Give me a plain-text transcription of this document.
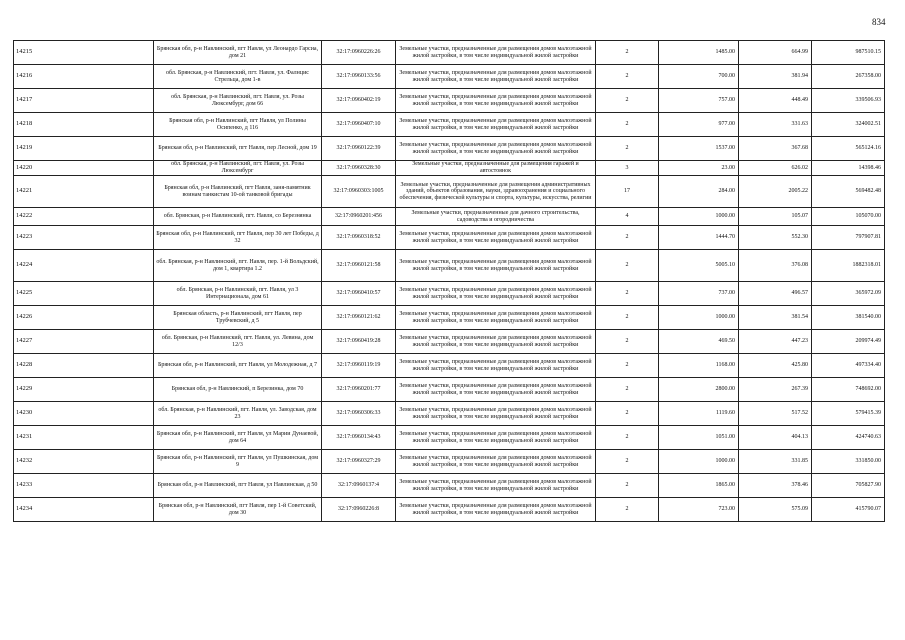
834
14215	Брянская обл, р-н Навлинский, пгт Навля, ул Леонардо Гарсиа, дом 21	32:17:0960226:26	Земельные участки, предназначенные для размещения домов малоэтажной жилой застройки, в том числе индивидуальной жилой застройки	2	1485.00	664.99	987510.15
14216	обл. Брянская, р-н Навлинский, пгт. Навля, ул. Фалнцис Стрельца, дом 1-в	32:17:0960133:56	Земельные участки, предназначенные для размещения домов малоэтажной жилой застройки, в том числе индивидуальной жилой застройки	2	700.00	381.94	267358.00
14217	обл. Брянская, р-н Навлинский, пгт. Навля, ул. Розы Люксембург, дом 66	32:17:0960402:19	Земельные участки, предназначенные для размещения домов малоэтажной жилой застройки, в том числе индивидуальной жилой застройки	2	757.00	448.49	339506.93
14218	Брянская обл, р-н Навлинский, пгт Навля, ул Полины Осипенко, д 116	32:17:0960407:10	Земельные участки, предназначенные для размещения домов малоэтажной жилой застройки, в том числе индивидуальной жилой застройки	2	977.00	331.63	324002.51
14219	Брянская обл, р-н Навлинский, пгт Навля, пер Лесной, дом 19	32:17:0960122:39	Земельные участки, предназначенные для размещения домов малоэтажной жилой застройки, в том числе индивидуальной жилой застройки	2	1537.00	367.68	565124.16
14220	обл. Брянская, р-н Навлинский, пгт. Навля, ул. Розы Люксембург	32:17:0960328:30	Земельные участки, предназначенные для размещения гаражей и автостоянок	3	23.00	626.02	14398.46
14221	Брянская обл, р-н Навлинский, пгт Навля, заня-памятник воинам танкистам 10-ой танковой бригады	32:17:0960303:1005	Земельные участки, предназначенные для размещения административных зданий, объектов образования, науки, здравоохранения и социального обеспечения, физической культуры и спорта, культуры, искусства, религии	17	284.00	2005.22	569482.48
14222	обл. Брянская, р-н Навлинский, пгт. Навля, сo Березнянка	32:17:0960201:456	Земельные участки, предназначенные для дачного строительства, садоводства и огородничества	4	1000.00	105.07	105070.00
14223	Брянская обл, р-н Навлинский, пгт Навля, пер 30 лет Победы, д 32	32:17:0960318:52	Земельные участки, предназначенные для размещения домов малоэтажной жилой застройки, в том числе индивидуальной жилой застройки	2	1444.70	552.30	797907.81
14224	обл. Брянская, р-н Навлинский, пгт. Навля, пер. 1-й Вольдский, дом 1, квартира 1.2	32:17:0960121:58	Земельные участки, предназначенные для размещения домов малоэтажной жилой застройки, в том числе индивидуальной жилой застройки	2	5005.10	376.08	1882318.01
14225	обл. Брянская, р-н Навлинский, пгт. Навля, ул 3 Интернационала, дом 61	32:17:0960410:57	Земельные участки, предназначенные для размещения домов малоэтажной жилой застройки, в том числе индивидуальной жилой застройки	2	737.00	496.57	365972.09
14226	Брянская область, р-н Навлинский, пгт Навля, пер Трубчевский, д 5	32:17:0960121:62	Земельные участки, предназначенные для размещения домов малоэтажной жилой застройки, в том числе индивидуальной жилой застройки	2	1000.00	381.54	381540.00
14227	обл. Брянская, р-н Навлинский, пгт. Навля, ул. Левина, дом 12/3	32:17:0960419:28	Земельные участки, предназначенные для размещения домов малоэтажной жилой застройки, в том числе индивидуальной жилой застройки	2	469.50	447.23	209974.49
14228	Брянская обл, р-н Навлинский, пгт Навля, ул Молодежная, д 7	32:17:0960119:19	Земельные участки, предназначенные для размещения домов малоэтажной жилой застройки, в том числе индивидуальной жилой застройки	2	1168.00	425.80	497334.40
14229	Брянская обл, р-н Навлинский, п Березинка, дом 70	32:17:0960201:77	Земельные участки, предназначенные для размещения домов малоэтажной жилой застройки, в том числе индивидуальной жилой застройки	2	2800.00	267.39	748692.00
14230	обл. Брянская, р-н Навлинский, пгт. Навля, ул. Заводская, дом 23	32:17:0960306:33	Земельные участки, предназначенные для размещения домов малоэтажной жилой застройки, в том числе индивидуальной жилой застройки	2	1119.60	517.52	579415.39
14231	Брянская обл, р-н Навлинский, пгт Навля, ул Марии Дунаевой, дом 64	32:17:0960134:43	Земельные участки, предназначенные для размещения домов малоэтажной жилой застройки, в том числе индивидуальной жилой застройки	2	1051.00	404.13	424740.63
14232	Брянская обл, р-н Навлинский, пгт Навля, ул Пушкинская, дом 9	32:17:0960327:29	Земельные участки, предназначенные для размещения домов малоэтажной жилой застройки, в том числе индивидуальной жилой застройки	2	1000.00	331.85	331850.00
14233	Брянская обл, р-н Навлинский, пгт Навля, ул Навлинская, д 50	32:17:0960137:4	Земельные участки, предназначенные для размещения домов малоэтажной жилой застройки, в том числе индивидуальной жилой застройки	2	1865.00	378.46	705827.90
14234	Брянская обл, р-н Навлинский, пгт Навля, пер 1-й Советский, дом 30	32:17:0960226:8	Земельные участки, предназначенные для размещения домов малоэтажной жилой застройки, в том числе индивидуальной жилой застройки	2	723.00	575.09	415790.07
